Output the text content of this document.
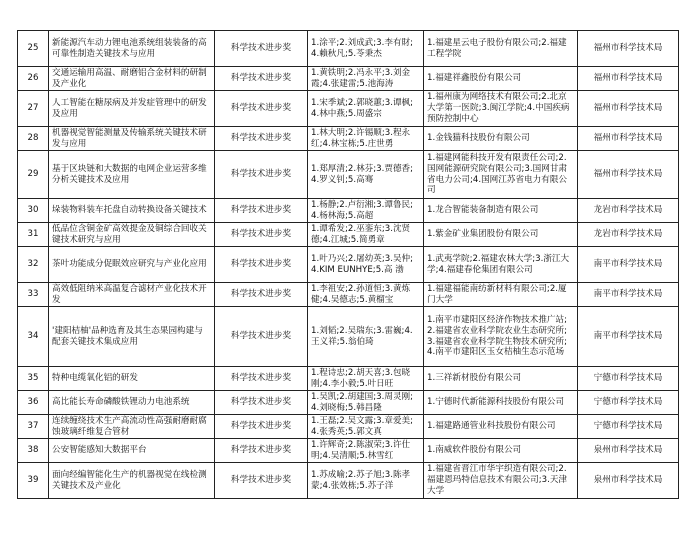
25	新能源汽车动力锂电池系统组装装备的高可靠性制造关键技术与应用	科学技术进步奖	1.涂平;2.刘成武;3.李有財;4.賴秋凡;5.苓秉杰	1.福建星云电子股份有限公司;2.福建工程学院	福州市科学技术局
26	交通运输用高温、耐磨铝合金材料的研制及产业化	科学技术进步奖	1.黄铁明;2.冯永平;3.刘金霞;4.张建雷;5.池海涛	1.福建祥鑫股份有限公司	福州市科学技术局
27	人工智能在糖尿病及并发症管理中的研发及应用	科学技术进步奖	1.宋季斌;2.郭晓蕙;3.谭枫;4.林中燕;5.周盛宗	1.福州康为网络技术有限公司;2.北京大学第一医院;3.闽江学院;4.中国疾病预防控制中心	福州市科学技术局
28	机器视觉智能测量及传输系统关键技术研发与应用	科学技术进步奖	1.林大明;2.许锡顺;3.程永红;4.林宝栋;5.庄世勇	1.金钱猫科技股份有限公司	福州市科学技术局
29	基于区块链和大数据的电网企业运营多维分析关键技术及应用	科学技术进步奖	1.郑厚清;2.林芬;3.贾德香;4.罗义钊;5.高骞	1.福建网能科技开发有限责任公司;2.国网能源研究院有限公司;3.国网甘肃省电力公司;4.国网江苏省电力有限公司	福州市科学技术局
30	垛装物料装车托盘自动转换设备关键技术	科学技术进步奖	1.杨静;2.卢衍湘;3.谭鲁民;4.杨林海;5.高超	1.龙合智能装备制造有限公司	龙岩市科学技术局
31	低品位含铜金矿高效提金及铜综合回收关键技术研究与应用	科学技术进步奖	1.谭希发;2.巫銮东;3.沈贤德;4.江城;5.简勇章	1.紫金矿业集团股份有限公司	龙岩市科学技术局
32	茶叶功能成分促眠效应研究与产业化应用	科学技术进步奖	1.叶乃兴;2.屠幼英;3.吴仲;4.KIM EUNHYE;5.高 渤	1.武夷学院;2.福建农林大学;3.浙江大学;4.福建春伦集团有限公司	南平市科学技术局
33	高效低阻纳米高温复合滤材产业化技术开发	科学技术进步奖	1.李祖安;2.孙道恒;3.黄炼健;4.吴德志;5.黄榴宝	1.福建福能南纺新材料有限公司;2.厦门大学	南平市科学技术局
34	'建阳桔柚'品种选育及其生态果园构建与配套关键技术集成应用	科学技术进步奖	1.刘韬;2.吴瑞东;3.雷巍;4.王义祥;5.翁伯琦	1.南平市建阳区经济作物技术推广站;2.福建省农业科学院农业生态研究所;3.福建省农业科学院生物技术研究所;4.南平市建阳区玉女桔柚生态示范场	南平市科学技术局
35	特种电缆氧化铝的研发	科学技术进步奖	1.程诗忠;2.胡天喜;3.包晓刚;4.李小毅;5.叶日旺	1.三祥新材股份有限公司	宁德市科学技术局
36	高比能长寿命磷酸铁锂动力电池系统	科学技术进步奖	1.吴凯;2.胡建国;3.周灵刚;4.刘晓梅;5.韩昌隆	1.宁德时代新能源科技股份有限公司	宁德市科学技术局
37	连续缠绕技术生产高流动性高强耐磨耐腐蚀玻璃纤维复合管材	科学技术进步奖	1.王磊;2.吴文露;3.章爱美;4.张秀英;5.郭文真	1.福建路通管业科技股份有限公司	宁德市科学技术局
38	公安智能感知大数据平台	科学技术进步奖	1.许辉奇;2.陈淑荣;3.许仕明;4.吴清顺;5.林雪红	1.南威软件股份有限公司	泉州市科学技术局
39	面向经编智能化生产的机器视觉在线检测关键技术及产业化	科学技术进步奖	1.苏成喻;2.苏子旭;3.陈孝蒙;4.张效栋;5.苏子洋	1.福建省晋江市华宇织造有限公司;2.福建恩玛特信息技术有限公司;3.天津大学	泉州市科学技术局
